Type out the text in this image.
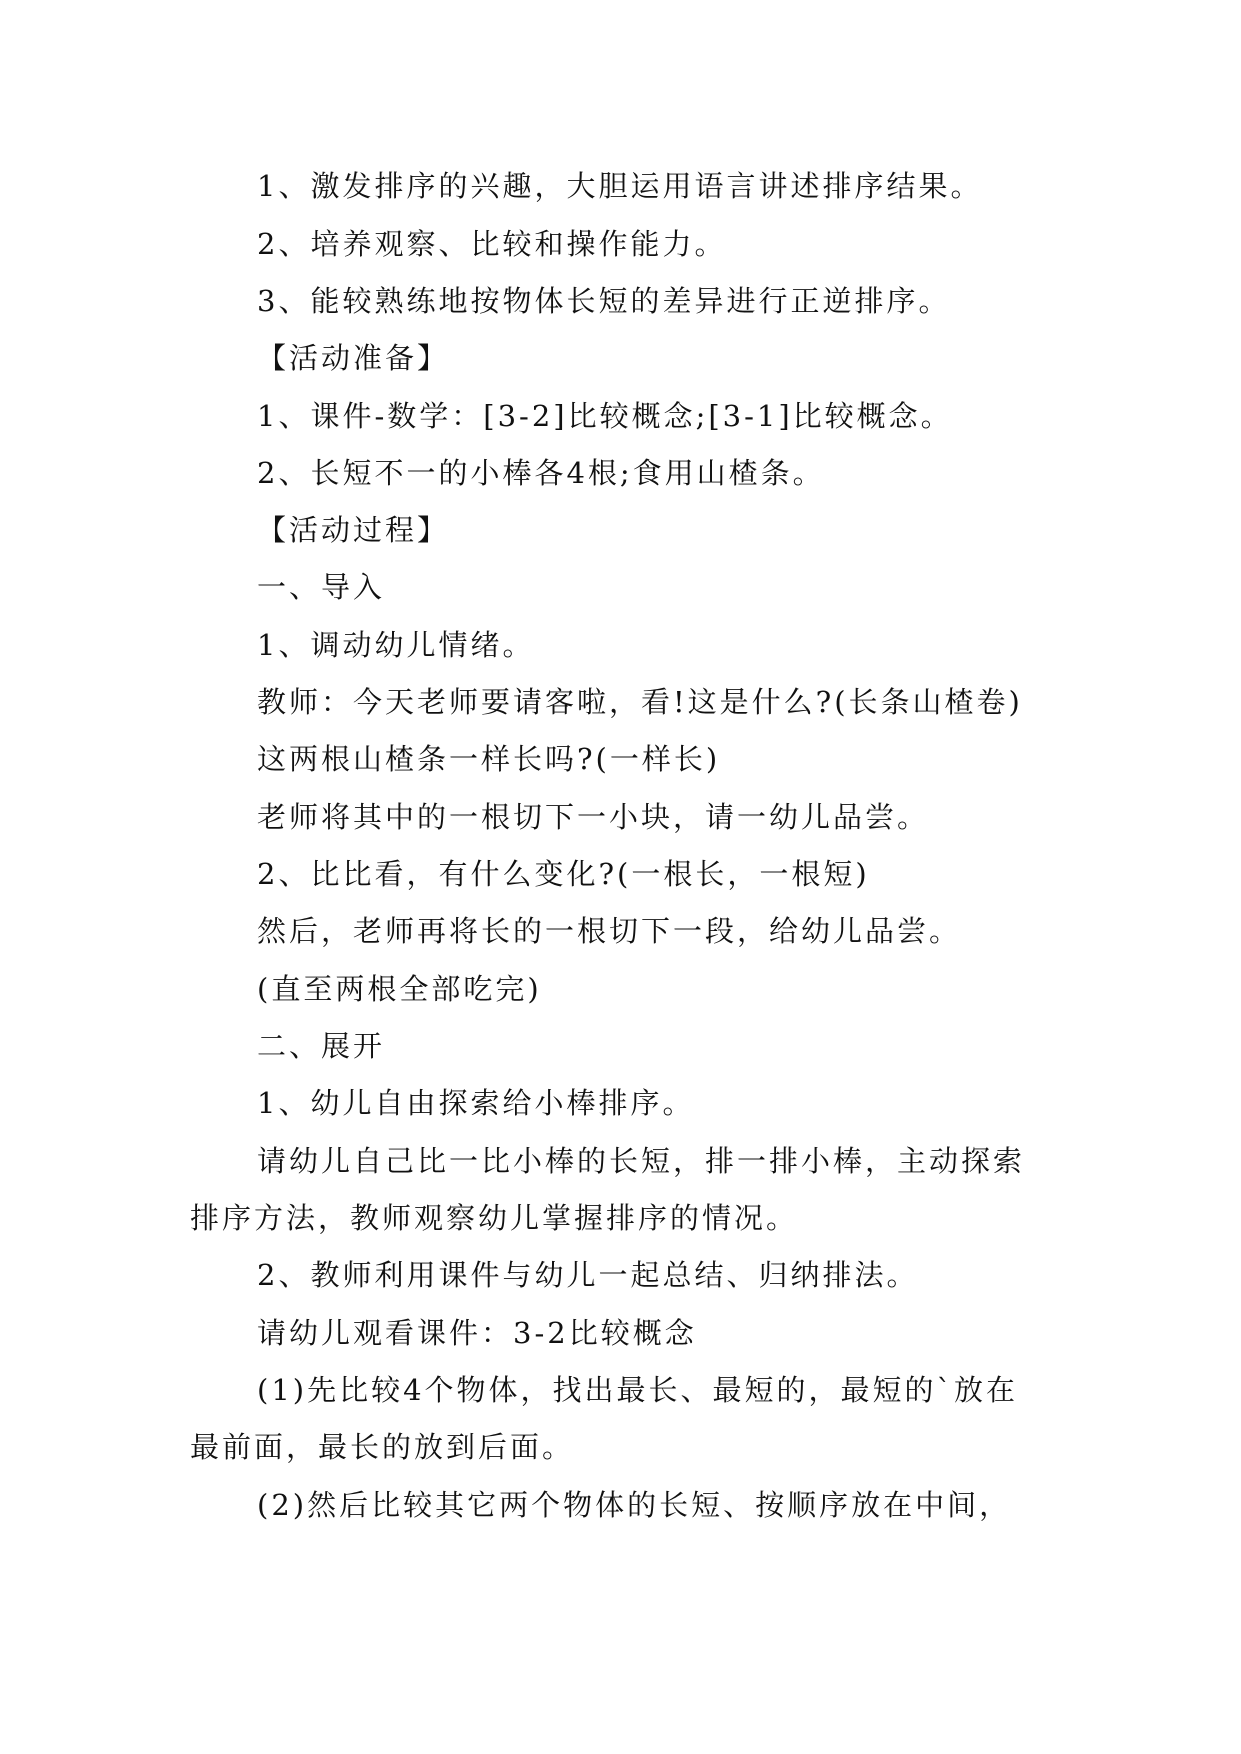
1、激发排序的兴趣，大胆运用语言讲述排序结果。
2、培养观察、比较和操作能力。
3、能较熟练地按物体长短的差异进行正逆排序。
【活动准备】
1、课件-数学：[3-2]比较概念;[3-1]比较概念。
2、长短不一的小棒各4根;食用山楂条。
【活动过程】
一、导入
1、调动幼儿情绪。
教师：今天老师要请客啦，看!这是什么?(长条山楂卷)
这两根山楂条一样长吗?(一样长)
老师将其中的一根切下一小块，请一幼儿品尝。
2、比比看，有什么变化?(一根长，一根短)
然后，老师再将长的一根切下一段，给幼儿品尝。
(直至两根全部吃完)
二、展开
1、幼儿自由探索给小棒排序。
请幼儿自己比一比小棒的长短，排一排小棒，主动探索
排序方法，教师观察幼儿掌握排序的情况。
2、教师利用课件与幼儿一起总结、归纳排法。
请幼儿观看课件：3-2比较概念
(1)先比较4个物体，找出最长、最短的，最短的`放在
最前面，最长的放到后面。
(2)然后比较其它两个物体的长短、按顺序放在中间，
